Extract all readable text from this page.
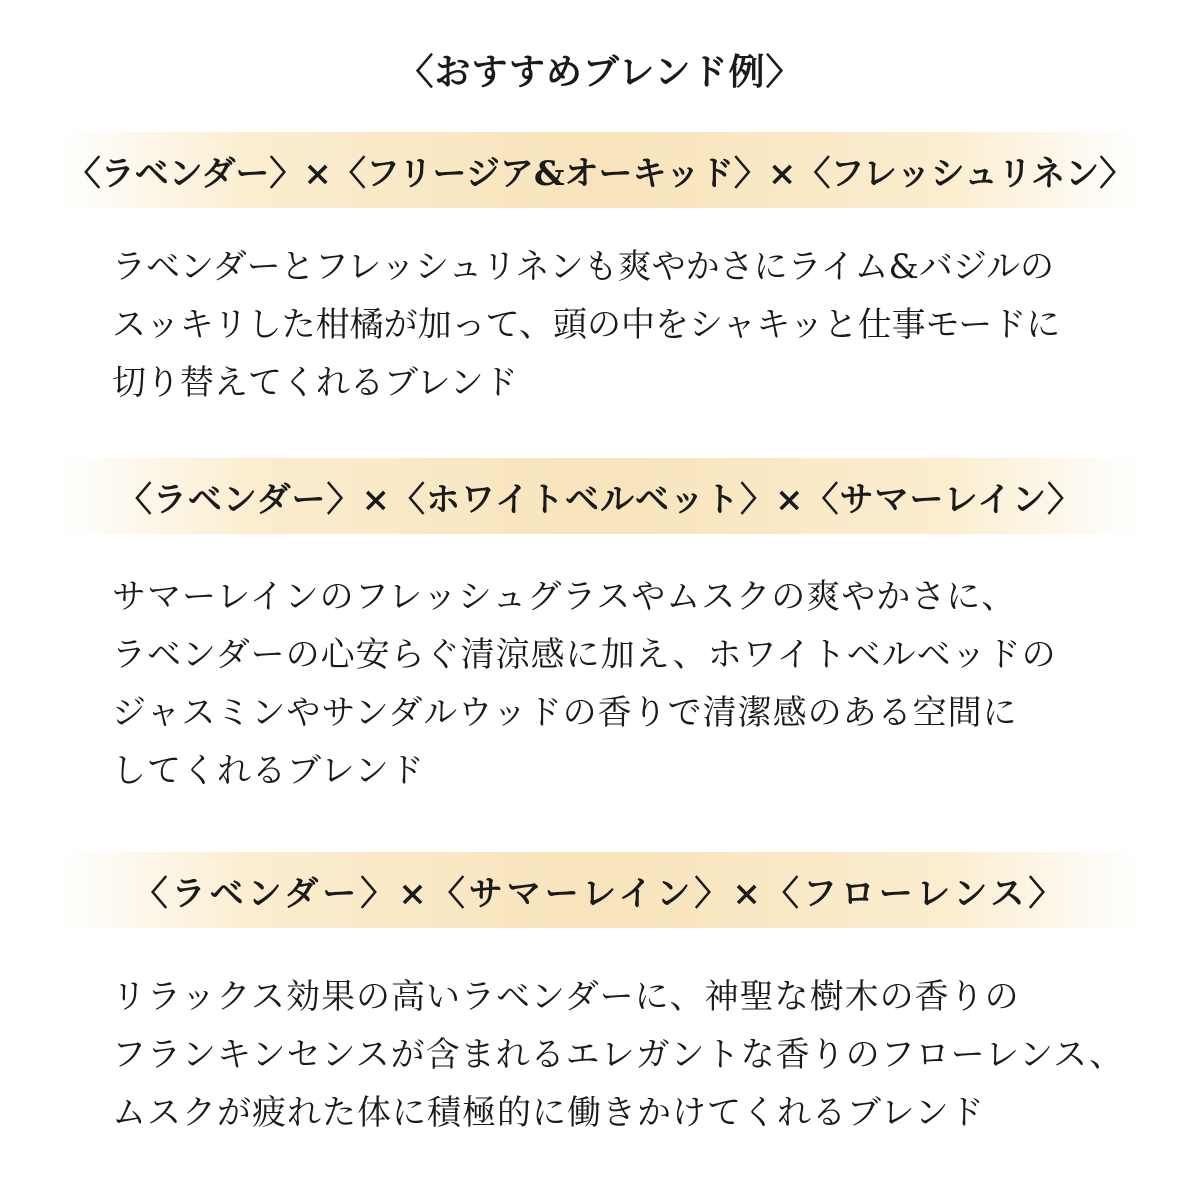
〈おすすめブレンド例〉
〈ラベンダー〉×〈フリージア&オーキッド〉×〈フレッシュリネン〉
ラベンダーとフレッシュリネンも爽やかさにライム&バジルの
スッキリした柑橘が加って、頭の中をシャキッと仕事モードに
切り替えてくれるブレンド
〈ラベンダー〉×〈ホワイトベルベット〉×〈サマーレイン〉
サマーレインのフレッシュグラスやムスクの爽やかさに、
ラベンダーの心安らぐ清涼感に加え、ホワイトベルベッドの
ジャスミンやサンダルウッドの香りで清潔感のある空間に
してくれるブレンド
〈ラベンダー〉×〈サマーレイン〉×〈フローレンス〉
リラックス効果の高いラベンダーに、神聖な樹木の香りの
フランキンセンスが含まれるエレガントな香りのフローレンス、
ムスクが疲れた体に積極的に働きかけてくれるブレンド
